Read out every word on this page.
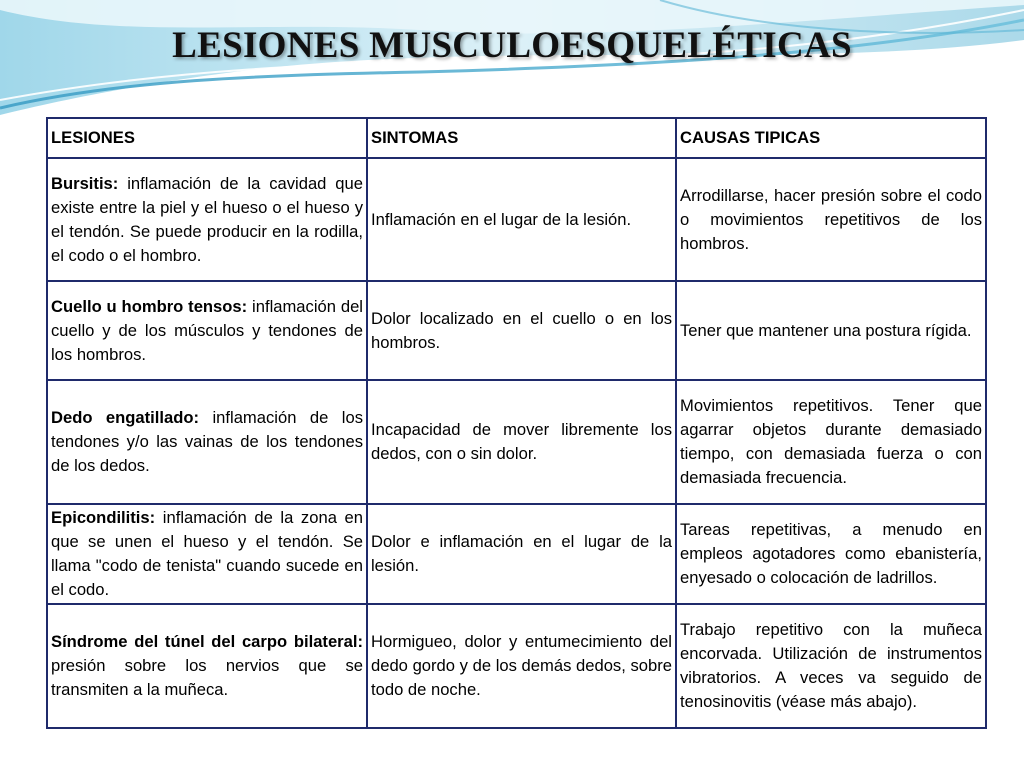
LESIONES MUSCULOESQUELÉTICAS
LESIONES	SINTOMAS	CAUSAS TIPICAS
Bursitis: inflamación de la cavidad que existe entre la piel y el hueso o el hueso y el tendón. Se puede producir en la rodilla, el codo o el hombro.	Inflamación en el lugar de la lesión.	Arrodillarse, hacer presión sobre el codo o movimientos repetitivos de los hombros.
Cuello u hombro tensos: inflamación del cuello y de los músculos y tendones de los hombros.	Dolor localizado en el cuello o en los hombros.	Tener que mantener una postura rígida.
Dedo engatillado: inflamación de los tendones y/o las vainas de los tendones de los dedos.	Incapacidad de mover libremente los dedos, con o sin dolor.	Movimientos repetitivos. Tener que agarrar objetos durante demasiado tiempo, con demasiada fuerza o con demasiada frecuencia.
Epicondilitis: inflamación de la zona en que se unen el hueso y el tendón. Se llama "codo de tenista" cuando sucede en el codo.	Dolor e inflamación en el lugar de la lesión.	Tareas repetitivas, a menudo en empleos agotadores como ebanistería, enyesado o colocación de ladrillos.
Síndrome del túnel del carpo bilateral: presión sobre los nervios que se transmiten a la muñeca.	Hormigueo, dolor y entumecimiento del dedo gordo y de los demás dedos, sobre todo de noche.	Trabajo repetitivo con la muñeca encorvada. Utilización de instrumentos vibratorios. A veces va seguido de tenosinovitis (véase más abajo).
